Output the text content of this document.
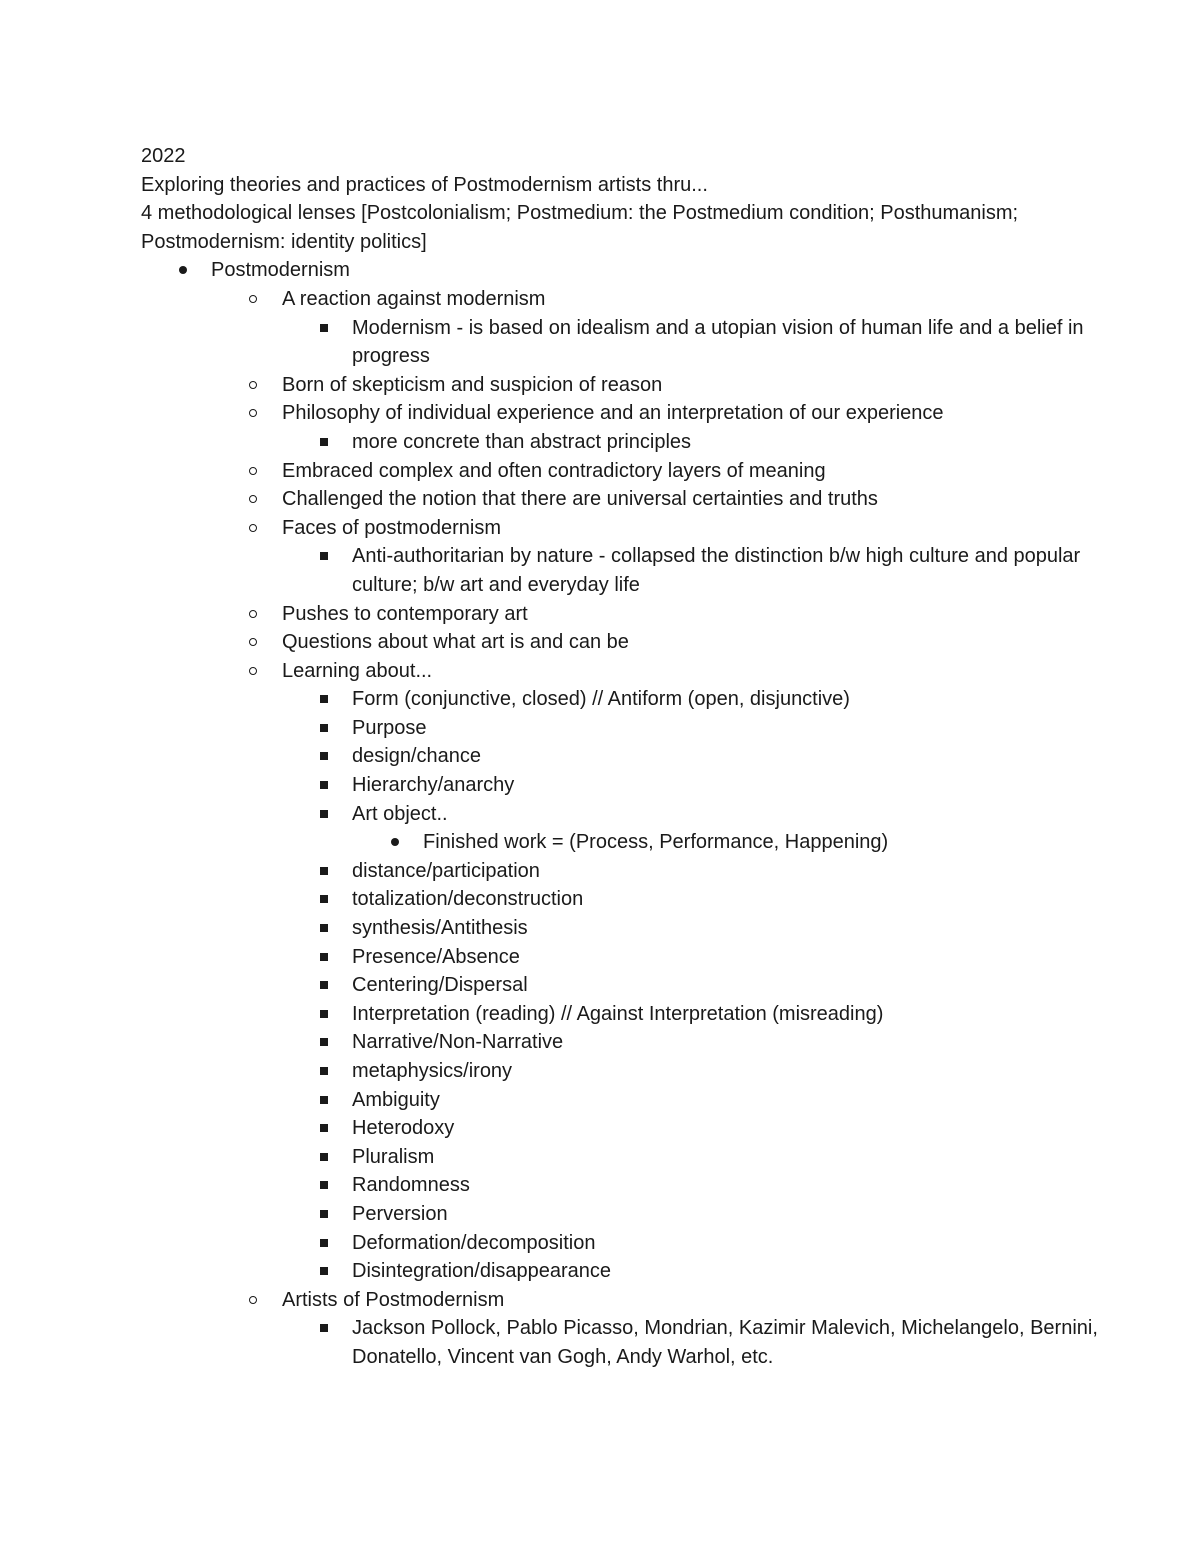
2022

Exploring theories and practices of Postmodernism artists thru...

4 methodological lenses [Postcolonialism; Postmedium: the Postmedium condition; Posthumanism; Postmodernism: identity politics]

Postmodernism
A reaction against modernism
Modernism - is based on idealism and a utopian vision of human life and a belief in progress
Born of skepticism and suspicion of reason
Philosophy of individual experience and an interpretation of our experience
more concrete than abstract principles
Embraced complex and often contradictory layers of meaning
Challenged the notion that there are universal certainties and truths
Faces of postmodernism
Anti-authoritarian by nature - collapsed the distinction b/w high culture and popular culture; b/w art and everyday life
Pushes to contemporary art
Questions about what art is and can be
Learning about...
Form (conjunctive, closed) // Antiform (open, disjunctive)
Purpose
design/chance
Hierarchy/anarchy
Art object..
Finished work = (Process, Performance, Happening)
distance/participation
totalization/deconstruction
synthesis/Antithesis
Presence/Absence
Centering/Dispersal
Interpretation (reading) // Against Interpretation (misreading)
Narrative/Non-Narrative
metaphysics/irony
Ambiguity
Heterodoxy
Pluralism
Randomness
Perversion
Deformation/decomposition
Disintegration/disappearance
Artists of Postmodernism
Jackson Pollock, Pablo Picasso, Mondrian, Kazimir Malevich, Michelangelo, Bernini, Donatello, Vincent van Gogh, Andy Warhol, etc.
